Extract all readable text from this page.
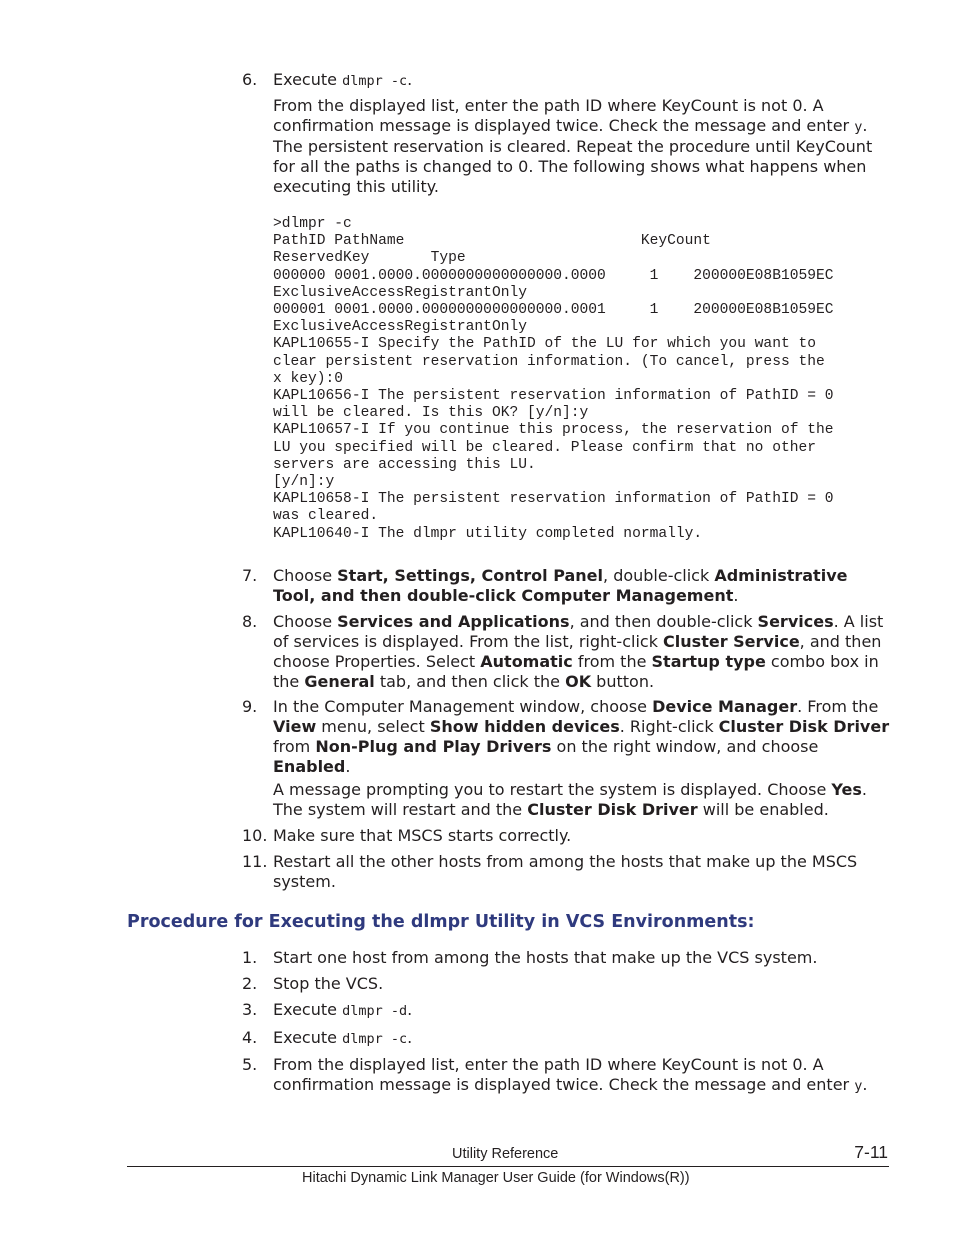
6. Execute dlmpr -c.
From the displayed list, enter the path ID where KeyCount is not 0. A confirmation message is displayed twice. Check the message and enter y. The persistent reservation is cleared. Repeat the procedure until KeyCount for all the paths is changed to 0. The following shows what happens when executing this utility.
>dlmpr -c
PathID PathName                           KeyCount
ReservedKey       Type
000000 0001.0000.0000000000000000.0000     1    200000E08B1059EC
ExclusiveAccessRegistrantOnly
000001 0001.0000.0000000000000000.0001     1    200000E08B1059EC
ExclusiveAccessRegistrantOnly
KAPL10655-I Specify the PathID of the LU for which you want to
clear persistent reservation information. (To cancel, press the
x key):0
KAPL10656-I The persistent reservation information of PathID = 0
will be cleared. Is this OK? [y/n]:y
KAPL10657-I If you continue this process, the reservation of the
LU you specified will be cleared. Please confirm that no other
servers are accessing this LU.
[y/n]:y
KAPL10658-I The persistent reservation information of PathID = 0
was cleared.
KAPL10640-I The dlmpr utility completed normally.
7. Choose Start, Settings, Control Panel, double-click Administrative Tool, and then double-click Computer Management.
8. Choose Services and Applications, and then double-click Services. A list of services is displayed. From the list, right-click Cluster Service, and then choose Properties. Select Automatic from the Startup type combo box in the General tab, and then click the OK button.
9. In the Computer Management window, choose Device Manager. From the View menu, select Show hidden devices. Right-click Cluster Disk Driver from Non-Plug and Play Drivers on the right window, and choose Enabled.
A message prompting you to restart the system is displayed. Choose Yes. The system will restart and the Cluster Disk Driver will be enabled.
10. Make sure that MSCS starts correctly.
11. Restart all the other hosts from among the hosts that make up the MSCS system.
Procedure for Executing the dlmpr Utility in VCS Environments:
1. Start one host from among the hosts that make up the VCS system.
2. Stop the VCS.
3. Execute dlmpr -d.
4. Execute dlmpr -c.
5. From the displayed list, enter the path ID where KeyCount is not 0. A confirmation message is displayed twice. Check the message and enter y.
Utility Reference	7-11
Hitachi Dynamic Link Manager User Guide (for Windows(R))
